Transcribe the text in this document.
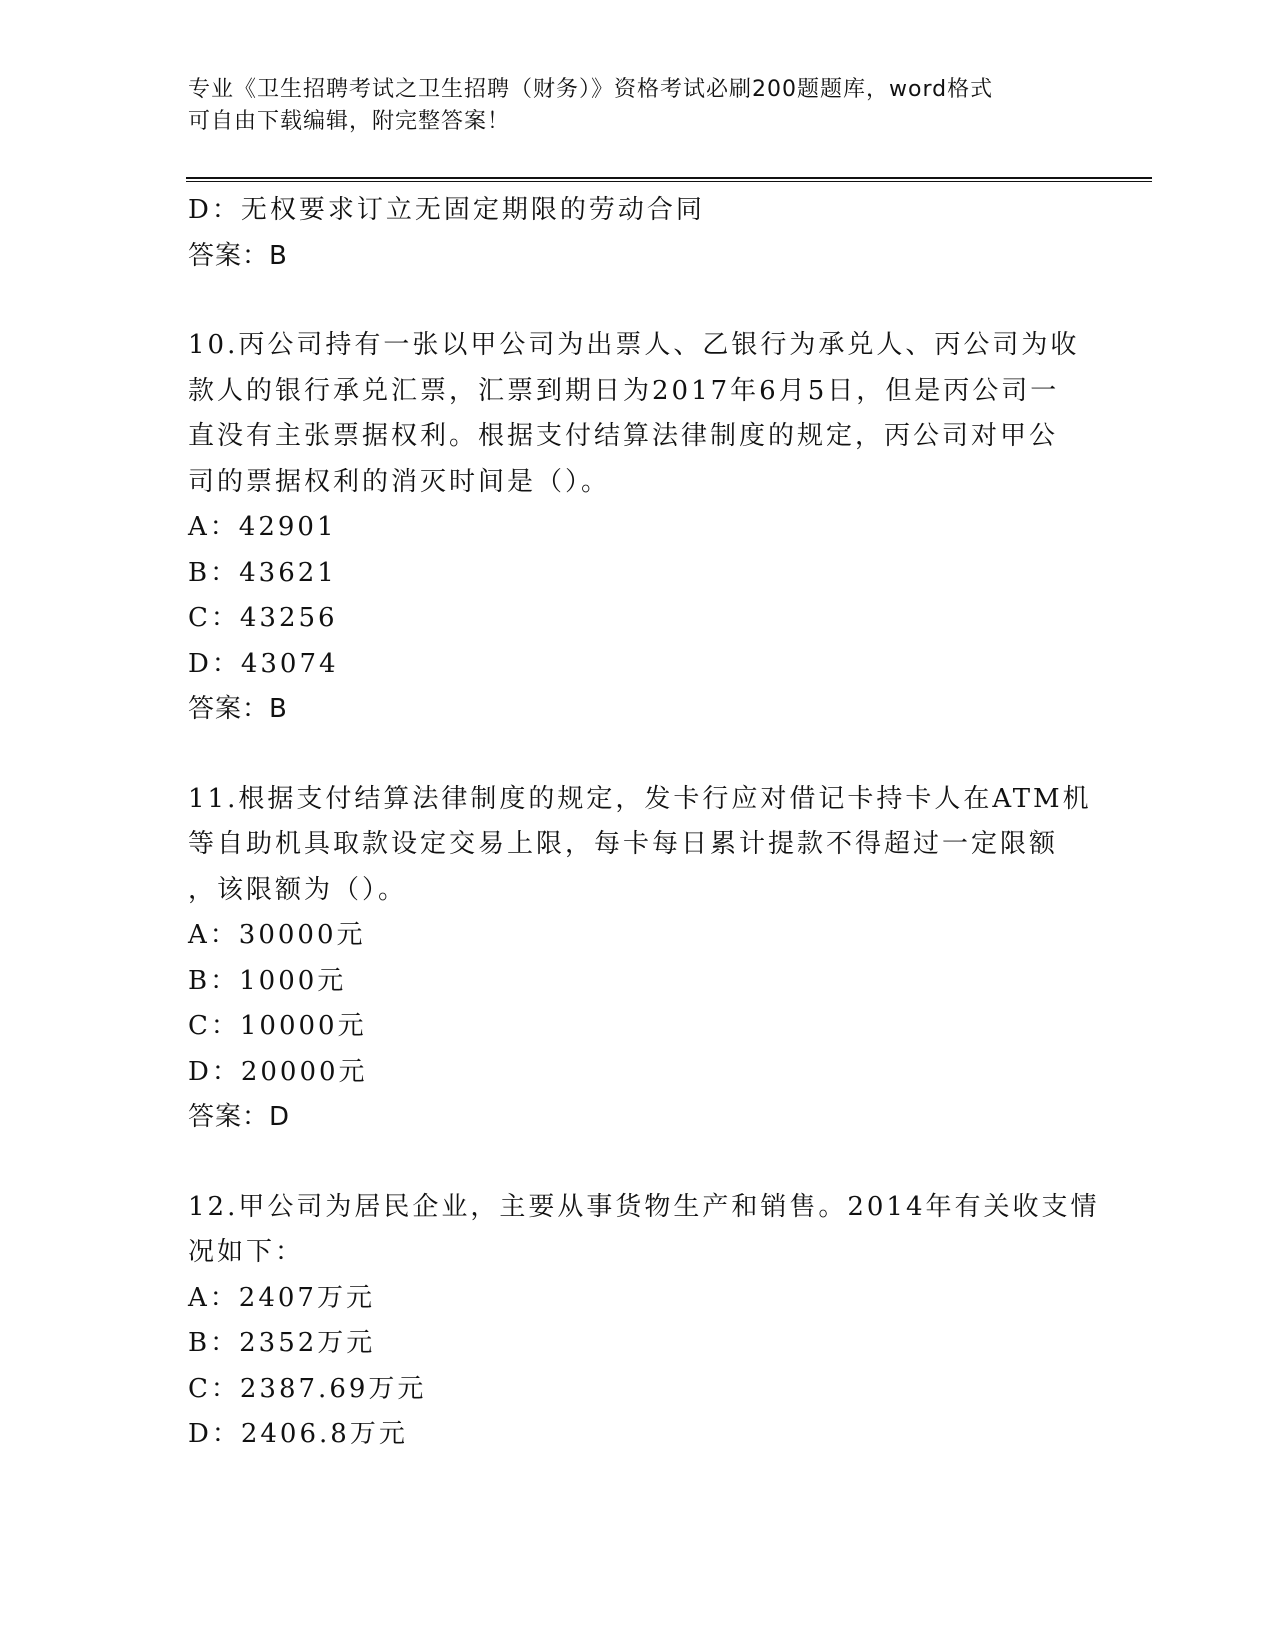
专业《卫生招聘考试之卫生招聘（财务）》资格考试必刷200题题库，word格式
可自由下载编辑，附完整答案！
D：无权要求订立无固定期限的劳动合同
答案：B
10.丙公司持有一张以甲公司为出票人、乙银行为承兑人、丙公司为收
款人的银行承兑汇票，汇票到期日为2017年6月5日，但是丙公司一
直没有主张票据权利。根据支付结算法律制度的规定，丙公司对甲公
司的票据权利的消灭时间是（）。
A：42901
B：43621
C：43256
D：43074
答案：B
11.根据支付结算法律制度的规定，发卡行应对借记卡持卡人在ATM机
等自助机具取款设定交易上限，每卡每日累计提款不得超过一定限额
，该限额为（）。
A：30000元
B：1000元
C：10000元
D：20000元
答案：D
12.甲公司为居民企业，主要从事货物生产和销售。2014年有关收支情
况如下：
A：2407万元
B：2352万元
C：2387.69万元
D：2406.8万元
